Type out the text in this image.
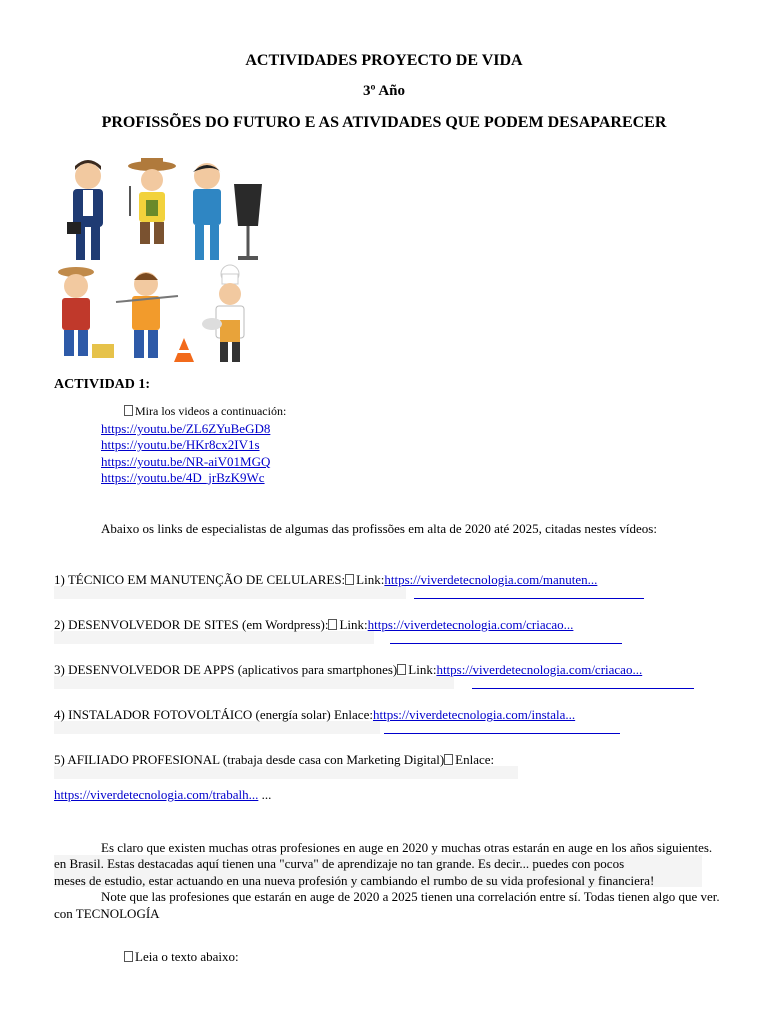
ACTIVIDADES PROYECTO DE VIDA
3º Año
PROFISSÕES DO FUTURO E AS ATIVIDADES QUE PODEM DESAPARECER
ACTIVIDAD 1:
Mira los videos a continuación:
https://youtu.be/ZL6ZYuBeGD8
https://youtu.be/HKr8cx2IV1s
https://youtu.be/NR-aiV01MGQ
https://youtu.be/4D_jrBzK9Wc
Abaixo os links de especialistas de algumas das profissões em alta de 2020 até 2025, citadas nestes vídeos:
1) TÉCNICO EM MANUTENÇÃO DE CELULARES: Link:https://viverdetecnologia.com/manuten...
2) DESENVOLVEDOR DE SITES (em Wordpress): Link:https://viverdetecnologia.com/criacao...
3) DESENVOLVEDOR DE APPS (aplicativos para smartphones) Link:https://viverdetecnologia.com/criacao...
4) INSTALADOR FOTOVOLTÁICO (energía solar) Enlace:https://viverdetecnologia.com/instala...
5) AFILIADO PROFESIONAL (trabaja desde casa con Marketing Digital) Enlace:
https://viverdetecnologia.com/trabalh... ...
Es claro que existen muchas otras profesiones en auge en 2020 y muchas otras estarán en auge en los años siguientes.
en Brasil. Estas destacadas aquí tienen una "curva" de aprendizaje no tan grande. Es decir... puedes con pocos
meses de estudio, estar actuando en una nueva profesión y cambiando el rumbo de su vida profesional y financiera!
Note que las profesiones que estarán en auge de 2020 a 2025 tienen una correlación entre sí. Todas tienen algo que ver.
con TECNOLOGÍA
Leia o texto abaixo:
